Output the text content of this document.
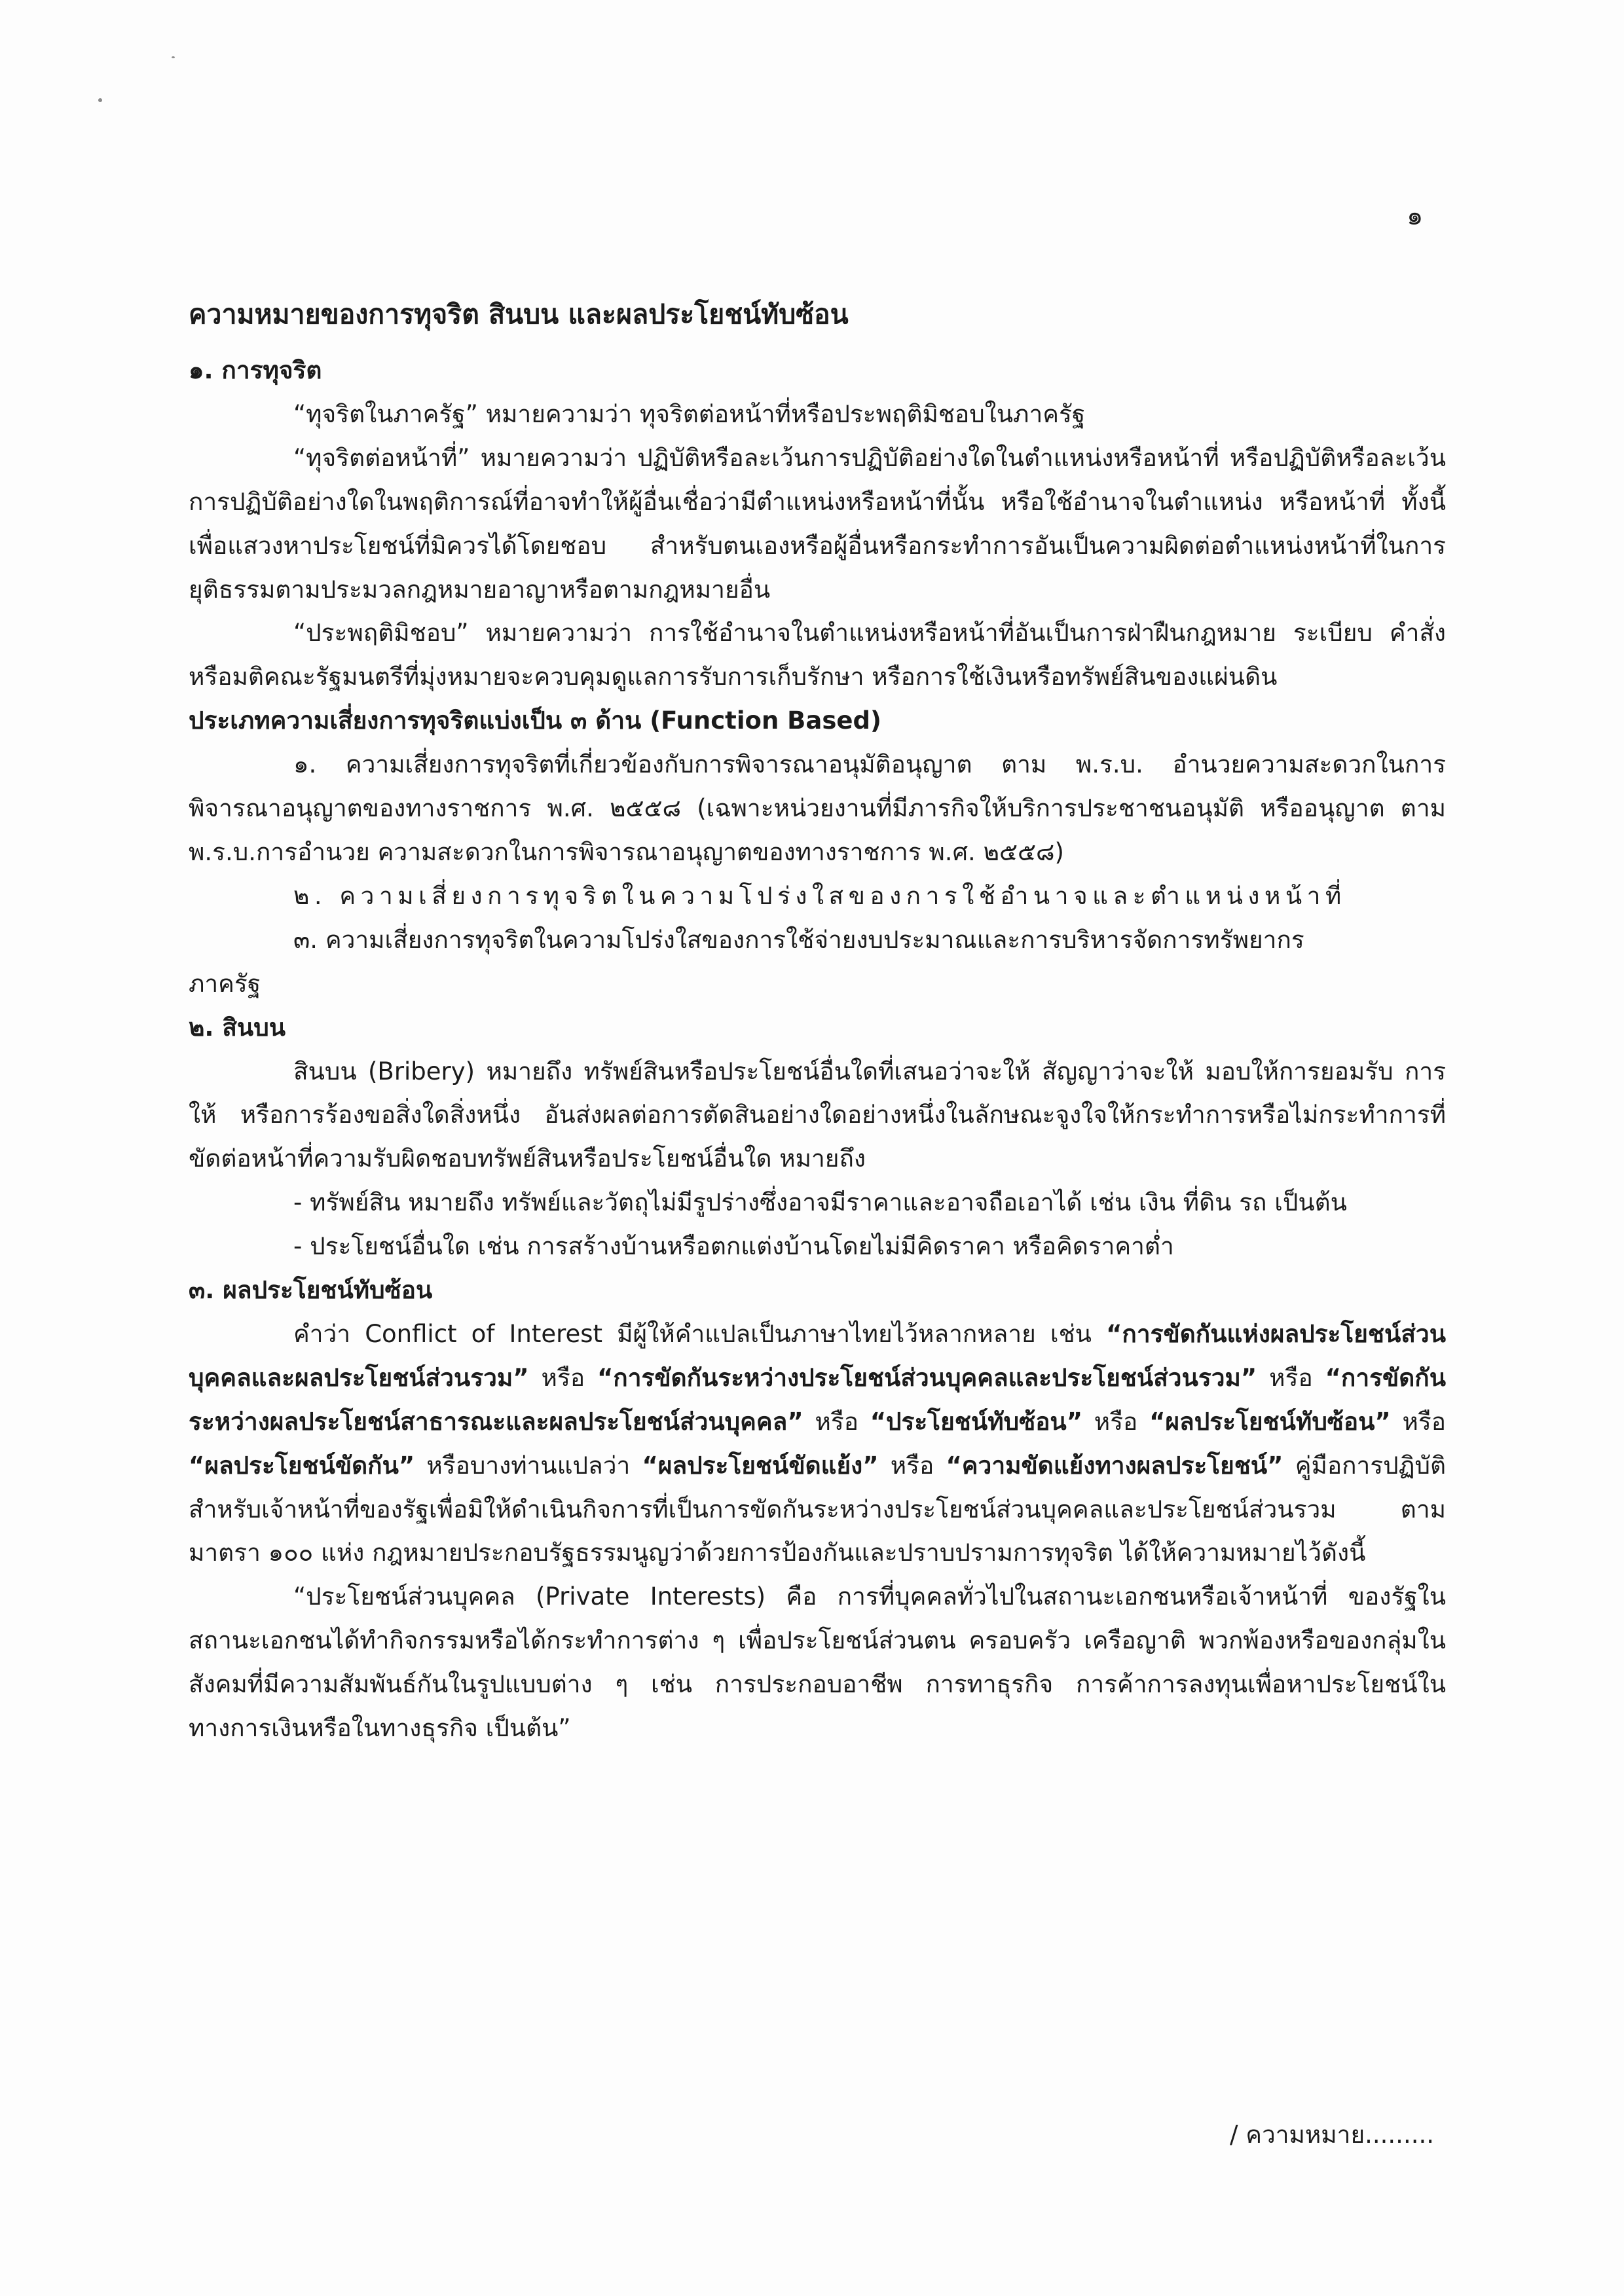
๑

ความหมายของการทุจริต สินบน และผลประโยชน์ทับซ้อน

๑. การทุจริต

“ทุจริตในภาครัฐ” หมายความว่า ทุจริตต่อหน้าที่หรือประพฤติมิชอบในภาครัฐ

“ทุจริตต่อหน้าที่” หมายความว่า ปฏิบัติหรือละเว้นการปฏิบัติอย่างใดในตำแหน่งหรือหน้าที่ หรือปฏิบัติหรือละเว้นการปฏิบัติอย่างใดในพฤติการณ์ที่อาจทำให้ผู้อื่นเชื่อว่ามีตำแหน่งหรือหน้าที่นั้น หรือใช้อำนาจในตำแหน่ง หรือหน้าที่ ทั้งนี้ เพื่อแสวงหาประโยชน์ที่มิควรได้โดยชอบ สำหรับตนเองหรือผู้อื่นหรือกระทำการอันเป็นความผิดต่อตำแหน่งหน้าที่ในการยุติธรรมตามประมวลกฎหมายอาญาหรือตามกฎหมายอื่น

“ประพฤติมิชอบ” หมายความว่า การใช้อำนาจในตำแหน่งหรือหน้าที่อันเป็นการฝ่าฝืนกฎหมาย ระเบียบ คำสั่ง หรือมติคณะรัฐมนตรีที่มุ่งหมายจะควบคุมดูแลการรับการเก็บรักษา หรือการใช้เงินหรือทรัพย์สินของแผ่นดิน

ประเภทความเสี่ยงการทุจริตแบ่งเป็น ๓ ด้าน (Function Based)

๑. ความเสี่ยงการทุจริตที่เกี่ยวข้องกับการพิจารณาอนุมัติอนุญาต ตาม พ.ร.บ. อำนวยความสะดวกในการพิจารณาอนุญาตของทางราชการ พ.ศ. ๒๕๕๘ (เฉพาะหน่วยงานที่มีภารกิจให้บริการประชาชนอนุมัติ หรืออนุญาต ตาม พ.ร.บ.การอำนวย ความสะดวกในการพิจารณาอนุญาตของทางราชการ พ.ศ. ๒๕๕๘)

๒. ความเสี่ยงการทุจริตในความโปร่งใสของการใช้อำนาจและตำแหน่งหน้าที่

๓. ความเสี่ยงการทุจริตในความโปร่งใสของการใช้จ่ายงบประมาณและการบริหารจัดการทรัพยากร

ภาครัฐ

๒. สินบน

สินบน (Bribery) หมายถึง ทรัพย์สินหรือประโยชน์อื่นใดที่เสนอว่าจะให้ สัญญาว่าจะให้ มอบให้การยอมรับ การให้ หรือการร้องขอสิ่งใดสิ่งหนึ่ง อันส่งผลต่อการตัดสินอย่างใดอย่างหนึ่งในลักษณะจูงใจให้กระทำการหรือไม่กระทำการที่ขัดต่อหน้าที่ความรับผิดชอบทรัพย์สินหรือประโยชน์อื่นใด หมายถึง

- ทรัพย์สิน หมายถึง ทรัพย์และวัตถุไม่มีรูปร่างซึ่งอาจมีราคาและอาจถือเอาได้ เช่น เงิน ที่ดิน รถ เป็นต้น

- ประโยชน์อื่นใด เช่น การสร้างบ้านหรือตกแต่งบ้านโดยไม่มีคิดราคา หรือคิดราคาต่ำ

๓. ผลประโยชน์ทับซ้อน

คำว่า Conflict of Interest มีผู้ให้คำแปลเป็นภาษาไทยไว้หลากหลาย เช่น “การขัดกันแห่งผลประโยชน์ส่วนบุคคลและผลประโยชน์ส่วนรวม” หรือ “การขัดกันระหว่างประโยชน์ส่วนบุคคลและประโยชน์ส่วนรวม” หรือ “การขัดกันระหว่างผลประโยชน์สาธารณะและผลประโยชน์ส่วนบุคคล” หรือ “ประโยชน์ทับซ้อน” หรือ “ผลประโยชน์ทับซ้อน” หรือ “ผลประโยชน์ขัดกัน” หรือบางท่านแปลว่า “ผลประโยชน์ขัดแย้ง” หรือ “ความขัดแย้งทางผลประโยชน์” คู่มือการปฏิบัติสำหรับเจ้าหน้าที่ของรัฐเพื่อมิให้ดำเนินกิจการที่เป็นการขัดกันระหว่างประโยชน์ส่วนบุคคลและประโยชน์ส่วนรวม ตามมาตรา ๑๐๐ แห่ง กฎหมายประกอบรัฐธรรมนูญว่าด้วยการป้องกันและปราบปรามการทุจริต ได้ให้ความหมายไว้ดังนี้

“ประโยชน์ส่วนบุคคล (Private Interests) คือ การที่บุคคลทั่วไปในสถานะเอกชนหรือเจ้าหน้าที่ ของรัฐในสถานะเอกชนได้ทำกิจกรรมหรือได้กระทำการต่าง ๆ เพื่อประโยชน์ส่วนตน ครอบครัว เครือญาติ พวกพ้องหรือของกลุ่มในสังคมที่มีความสัมพันธ์กันในรูปแบบต่าง ๆ เช่น การประกอบอาชีพ การทาธุรกิจ การค้าการลงทุนเพื่อหาประโยชน์ในทางการเงินหรือในทางธุรกิจ เป็นต้น”

/ ความหมาย.........
